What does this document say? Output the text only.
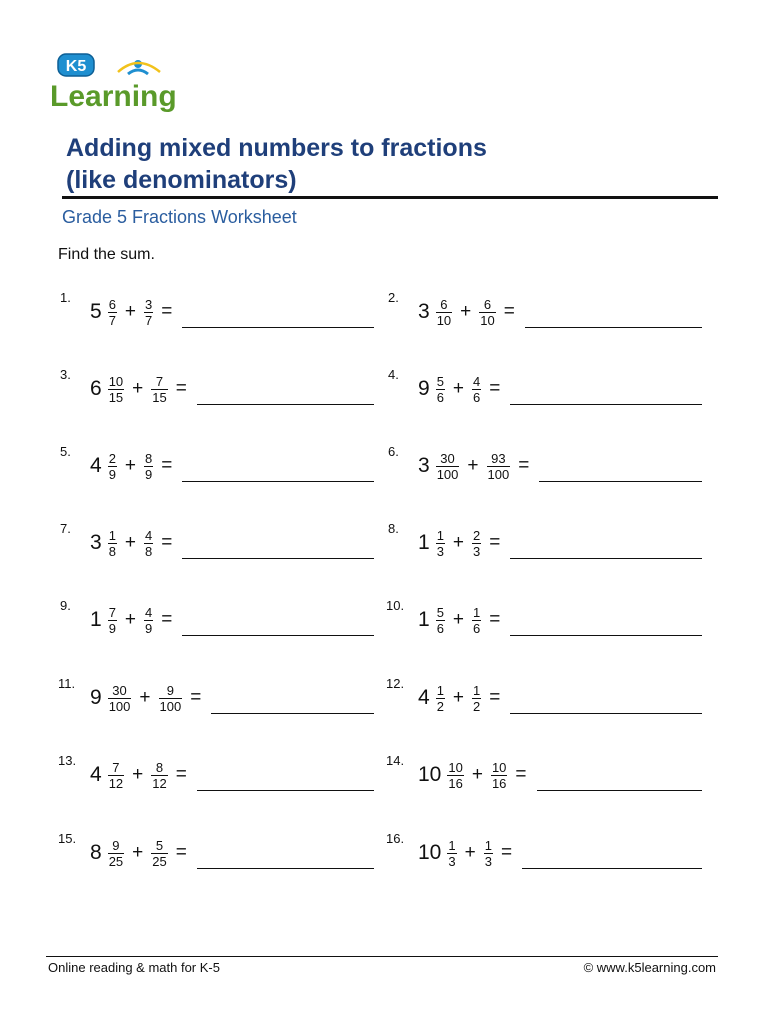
K5
Learning
Adding mixed numbers to fractions
(like denominators)
Grade 5 Fractions Worksheet
Find the sum.
1.
$5 \frac{6}{7} + \frac{3}{7}$ =
2.
$3 \frac{6}{10} + \frac{6}{10}$ =
3.
$6 \frac{10}{15} + \frac{7}{15}$ =
4.
$9 \frac{5}{6} + \frac{4}{6}$ =
5.
$4 \frac{2}{9} + \frac{8}{9}$ =
6.
$3 \frac{30}{100} + \frac{93}{100}$ =
7.
$3 \frac{1}{8} + \frac{4}{8}$ =
8.
$1 \frac{1}{3} + \frac{2}{3}$ =
9.
$1 \frac{7}{9} + \frac{4}{9}$ =
10.
$1 \frac{5}{6} + \frac{1}{6}$ =
11.
$9 \frac{30}{100} + \frac{9}{100}$ =
12.
$4 \frac{1}{2} + \frac{1}{2}$ =
13.
$4 \frac{7}{12} + \frac{8}{12}$ =
14.
$10 \frac{10}{16} + \frac{10}{16}$ =
15.
$8 \frac{9}{25} + \frac{5}{25}$ =
16.
$10 \frac{1}{3} + \frac{1}{3}$ =
Online reading & math for K-5	© www.k5learning.com
